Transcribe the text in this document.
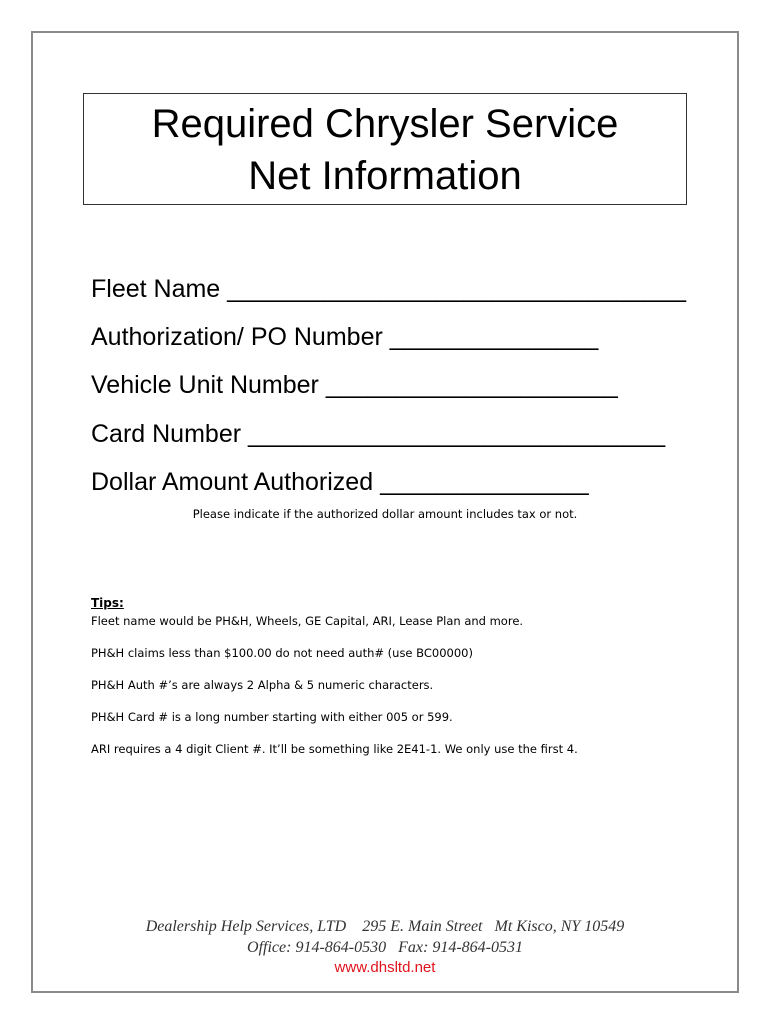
Required Chrysler Service
Net Information
Fleet Name _________________________________
Authorization/ PO Number _______________
Vehicle Unit Number _____________________
Card Number ______________________________
Dollar Amount Authorized _______________
Please indicate if the authorized dollar amount includes tax or not.
Tips:
Fleet name would be PH&H, Wheels, GE Capital, ARI, Lease Plan and more.
PH&H claims less than $100.00 do not need auth# (use BC00000)
PH&H Auth #’s are always 2 Alpha & 5 numeric characters.
PH&H Card # is a long number starting with either 005 or 599.
ARI requires a 4 digit Client #. It’ll be something like 2E41-1. We only use the first 4.
Dealership Help Services, LTD    295 E. Main Street   Mt Kisco, NY 10549
Office: 914-864-0530   Fax: 914-864-0531
www.dhsltd.net
